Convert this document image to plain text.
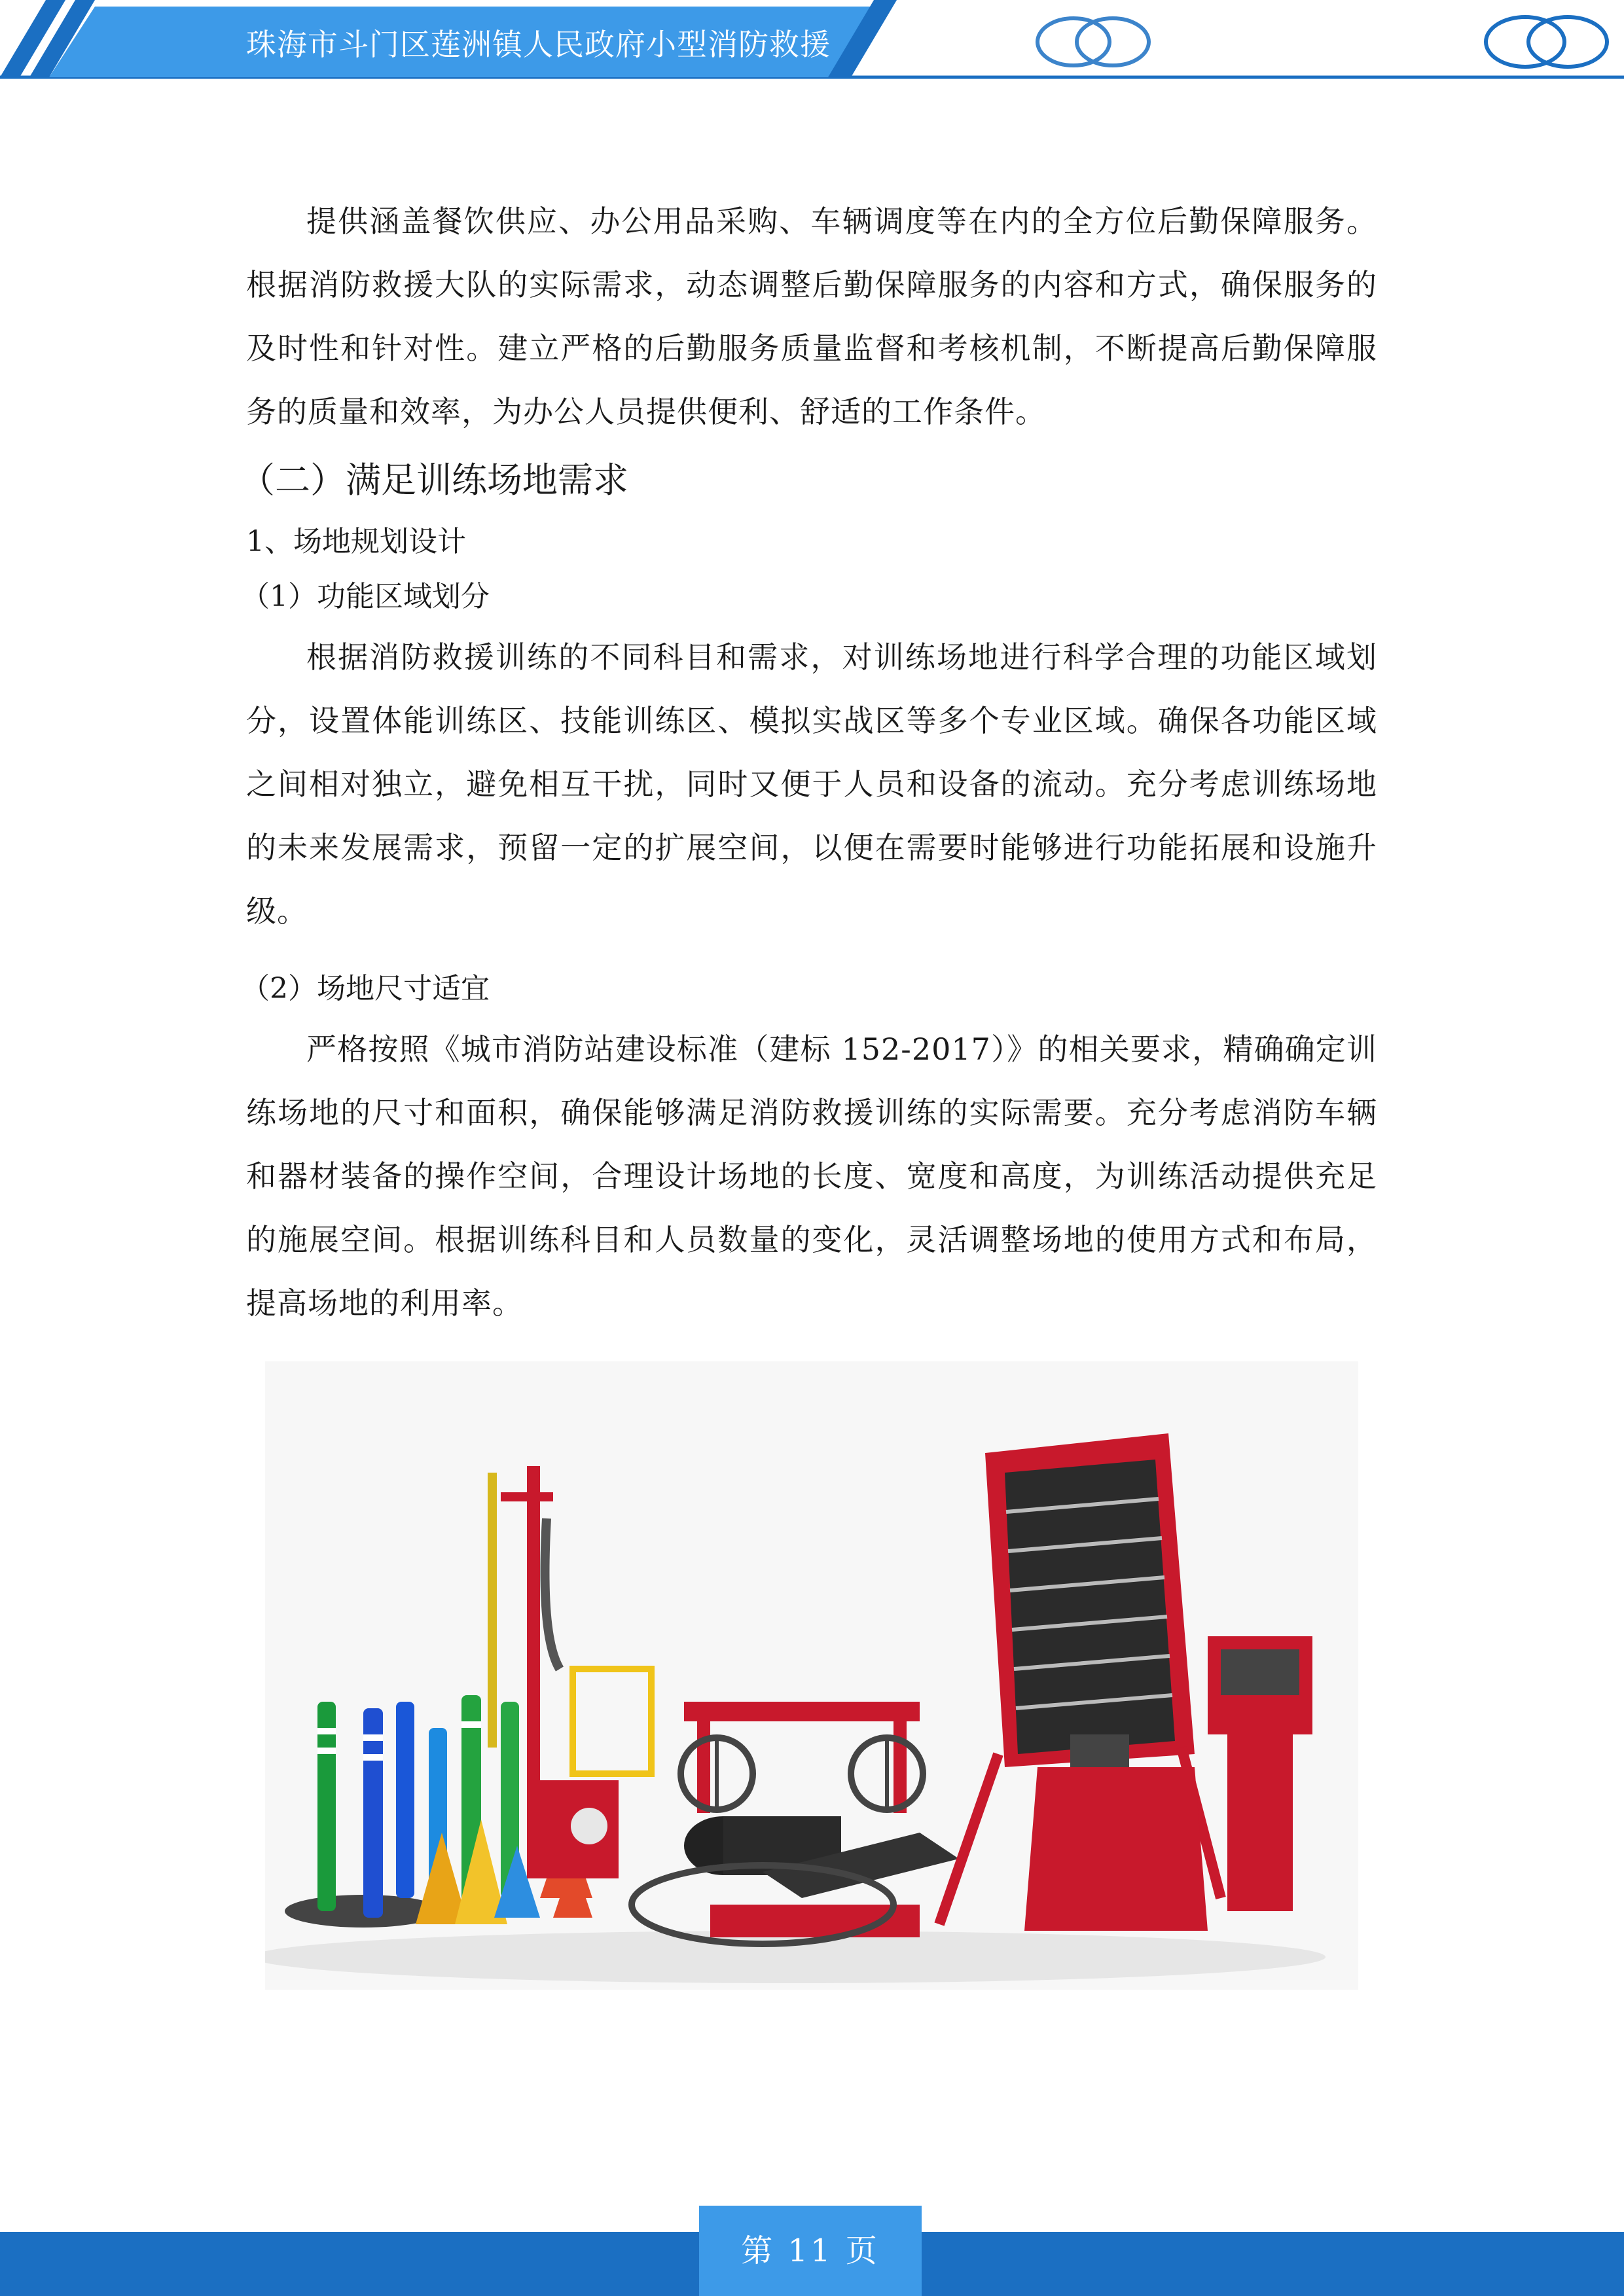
珠海市斗门区莲洲镇人民政府小型消防救援

提供涵盖餐饮供应、办公用品采购、车辆调度等在内的全方位后勤保障服务。根据消防救援大队的实际需求，动态调整后勤保障服务的内容和方式，确保服务的及时性和针对性。建立严格的后勤服务质量监督和考核机制，不断提高后勤保障服务的质量和效率，为办公人员提供便利、舒适的工作条件。

（二）满足训练场地需求
1、场地规划设计
（1）功能区域划分

根据消防救援训练的不同科目和需求，对训练场地进行科学合理的功能区域划分，设置体能训练区、技能训练区、模拟实战区等多个专业区域。确保各功能区域之间相对独立，避免相互干扰，同时又便于人员和设备的流动。充分考虑训练场地的未来发展需求，预留一定的扩展空间，以便在需要时能够进行功能拓展和设施升级。

（2）场地尺寸适宜

严格按照《城市消防站建设标准（建标 152-2017）》的相关要求，精确确定训练场地的尺寸和面积，确保能够满足消防救援训练的实际需要。充分考虑消防车辆和器材装备的操作空间，合理设计场地的长度、宽度和高度，为训练活动提供充足的施展空间。根据训练科目和人员数量的变化，灵活调整场地的使用方式和布局，提高场地的利用率。

第 11 页
